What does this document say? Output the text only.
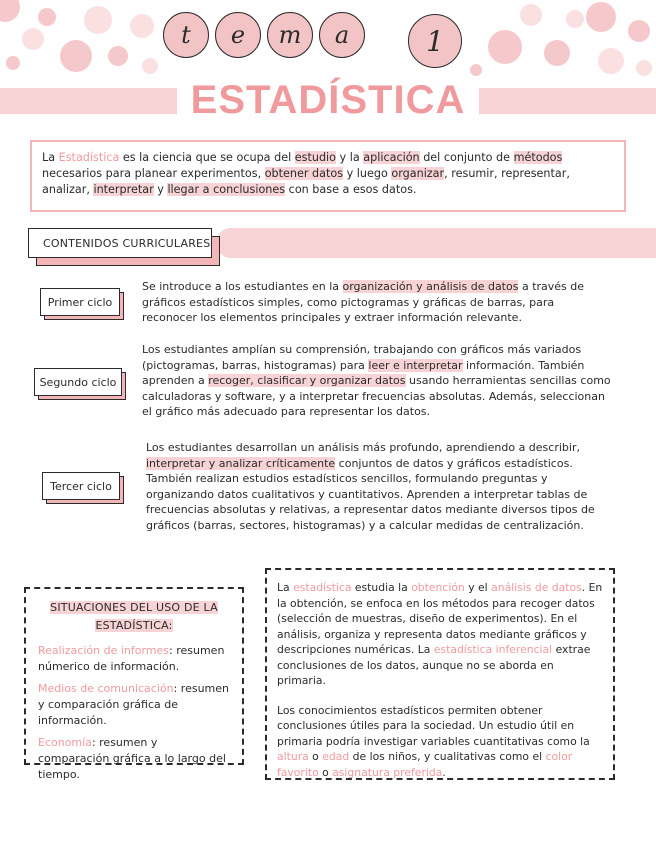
t	e	m	a	1
ESTADÍSTICA
La Estadística es la ciencia que se ocupa del estudio y la aplicación del conjunto de métodos necesarios para planear experimentos, obtener datos y luego organizar, resumir, representar, analizar, interpretar y llegar a conclusiones con base a esos datos.
CONTENIDOS CURRICULARES
Primer ciclo
Se introduce a los estudiantes en la organización y análisis de datos a través de gráficos estadísticos simples, como pictogramas y gráficas de barras, para reconocer los elementos principales y extraer información relevante.
Segundo ciclo
Los estudiantes amplían su comprensión, trabajando con gráficos más variados (pictogramas, barras, histogramas) para leer e interpretar información. También aprenden a recoger, clasificar y organizar datos usando herramientas sencillas como calculadoras y software, y a interpretar frecuencias absolutas. Además, seleccionan el gráfico más adecuado para representar los datos.
Tercer ciclo
Los estudiantes desarrollan un análisis más profundo, aprendiendo a describir, interpretar y analizar críticamente conjuntos de datos y gráficos estadísticos. También realizan estudios estadísticos sencillos, formulando preguntas y organizando datos cualitativos y cuantitativos. Aprenden a interpretar tablas de frecuencias absolutas y relativas, a representar datos mediante diversos tipos de gráficos (barras, sectores, histogramas) y a calcular medidas de centralización.
SITUACIONES DEL USO DE LA
ESTADÍSTICA:
Realización de informes: resumen númerico de información.
Medios de comunicación: resumen y comparación gráfica de información.
Economía: resumen y comparación gráfica a lo largo del tiempo.

La estadística estudia la obtención y el análisis de datos. En la obtención, se enfoca en los métodos para recoger datos (selección de muestras, diseño de experimentos). En el análisis, organiza y representa datos mediante gráficos y descripciones numéricas. La estadística inferencial extrae conclusiones de los datos, aunque no se aborda en primaria.

Los conocimientos estadísticos permiten obtener conclusiones útiles para la sociedad. Un estudio útil en primaria podría investigar variables cuantitativas como la altura o edad de los niños, y cualitativas como el color favorito o asignatura preferida.
